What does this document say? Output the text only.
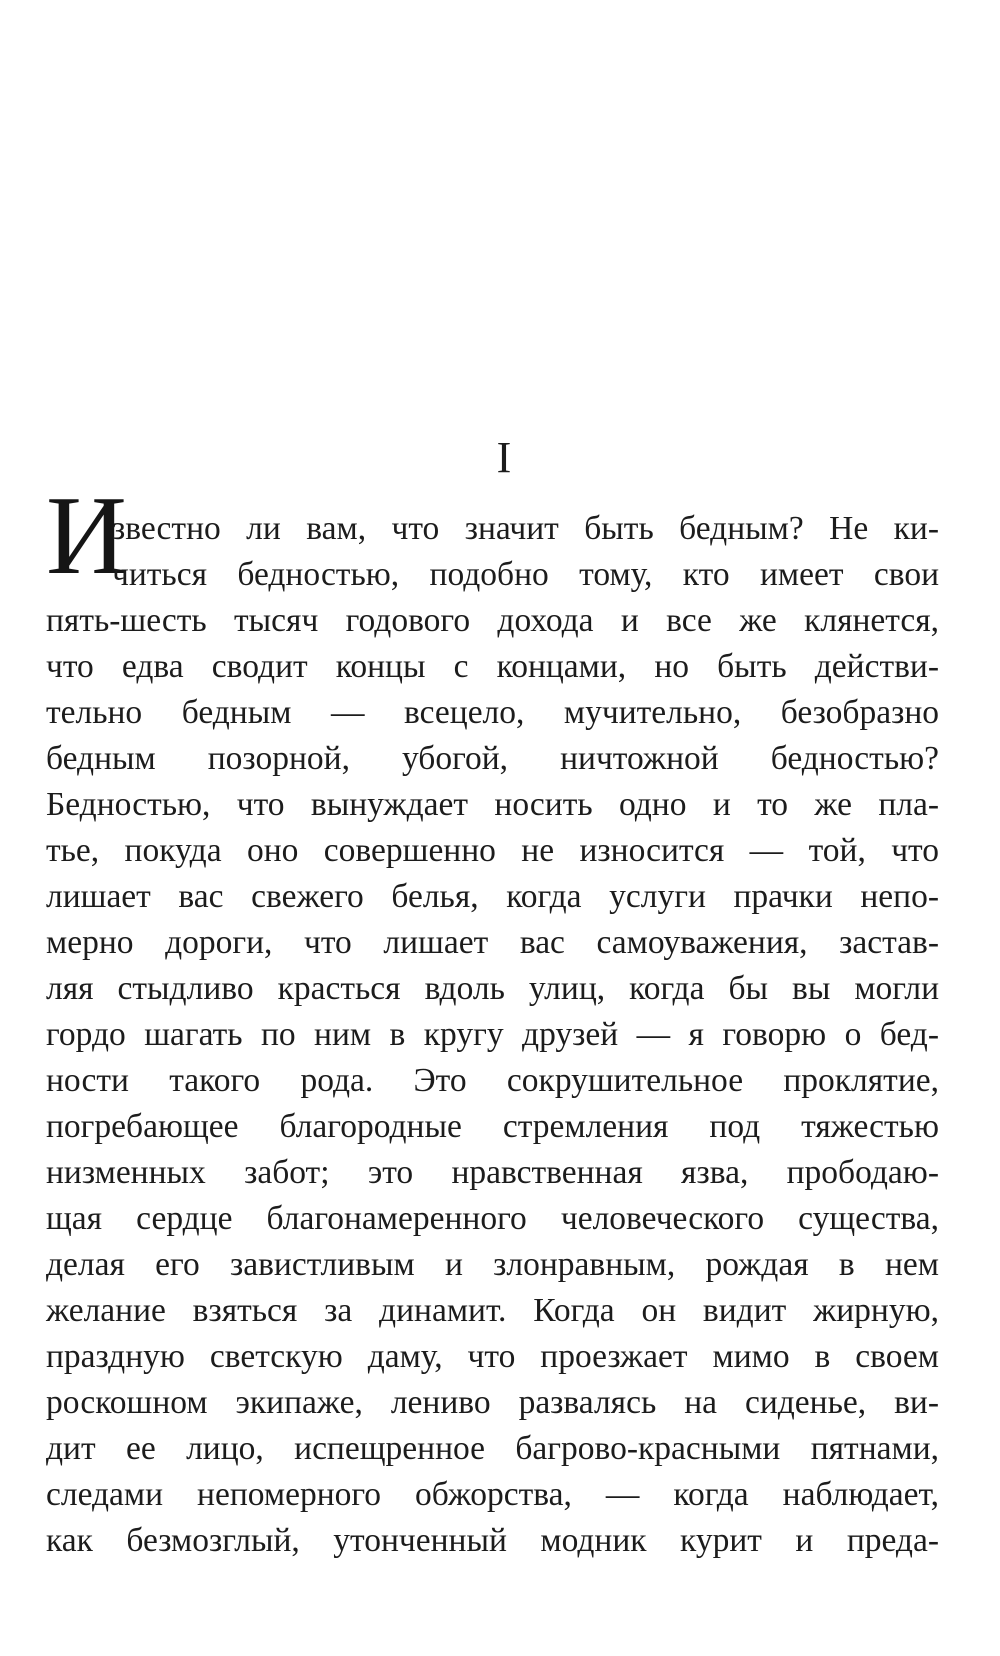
I
И
звестно ли вам, что значит быть бедным? Не ки-
читься бедностью, подобно тому, кто имеет свои
пять-шесть тысяч годового дохода и все же клянется,
что едва сводит концы с концами, но быть действи-
тельно бедным — всецело, мучительно, безобразно
бедным позорной, убогой, ничтожной бедностью?
Бедностью, что вынуждает носить одно и то же пла-
тье, покуда оно совершенно не износится — той, что
лишает вас свежего белья, когда услуги прачки непо-
мерно дороги, что лишает вас самоуважения, застав-
ляя стыдливо красться вдоль улиц, когда бы вы могли
гордо шагать по ним в кругу друзей — я говорю о бед-
ности такого рода. Это сокрушительное проклятие,
погребающее благородные стремления под тяжестью
низменных забот; это нравственная язва, прободаю-
щая сердце благонамеренного человеческого существа,
делая его завистливым и злонравным, рождая в нем
желание взяться за динамит. Когда он видит жирную,
праздную светскую даму, что проезжает мимо в своем
роскошном экипаже, лениво развалясь на сиденье, ви-
дит ее лицо, испещренное багрово-красными пятнами,
следами непомерного обжорства, — когда наблюдает,
как безмозглый, утонченный модник курит и преда-
